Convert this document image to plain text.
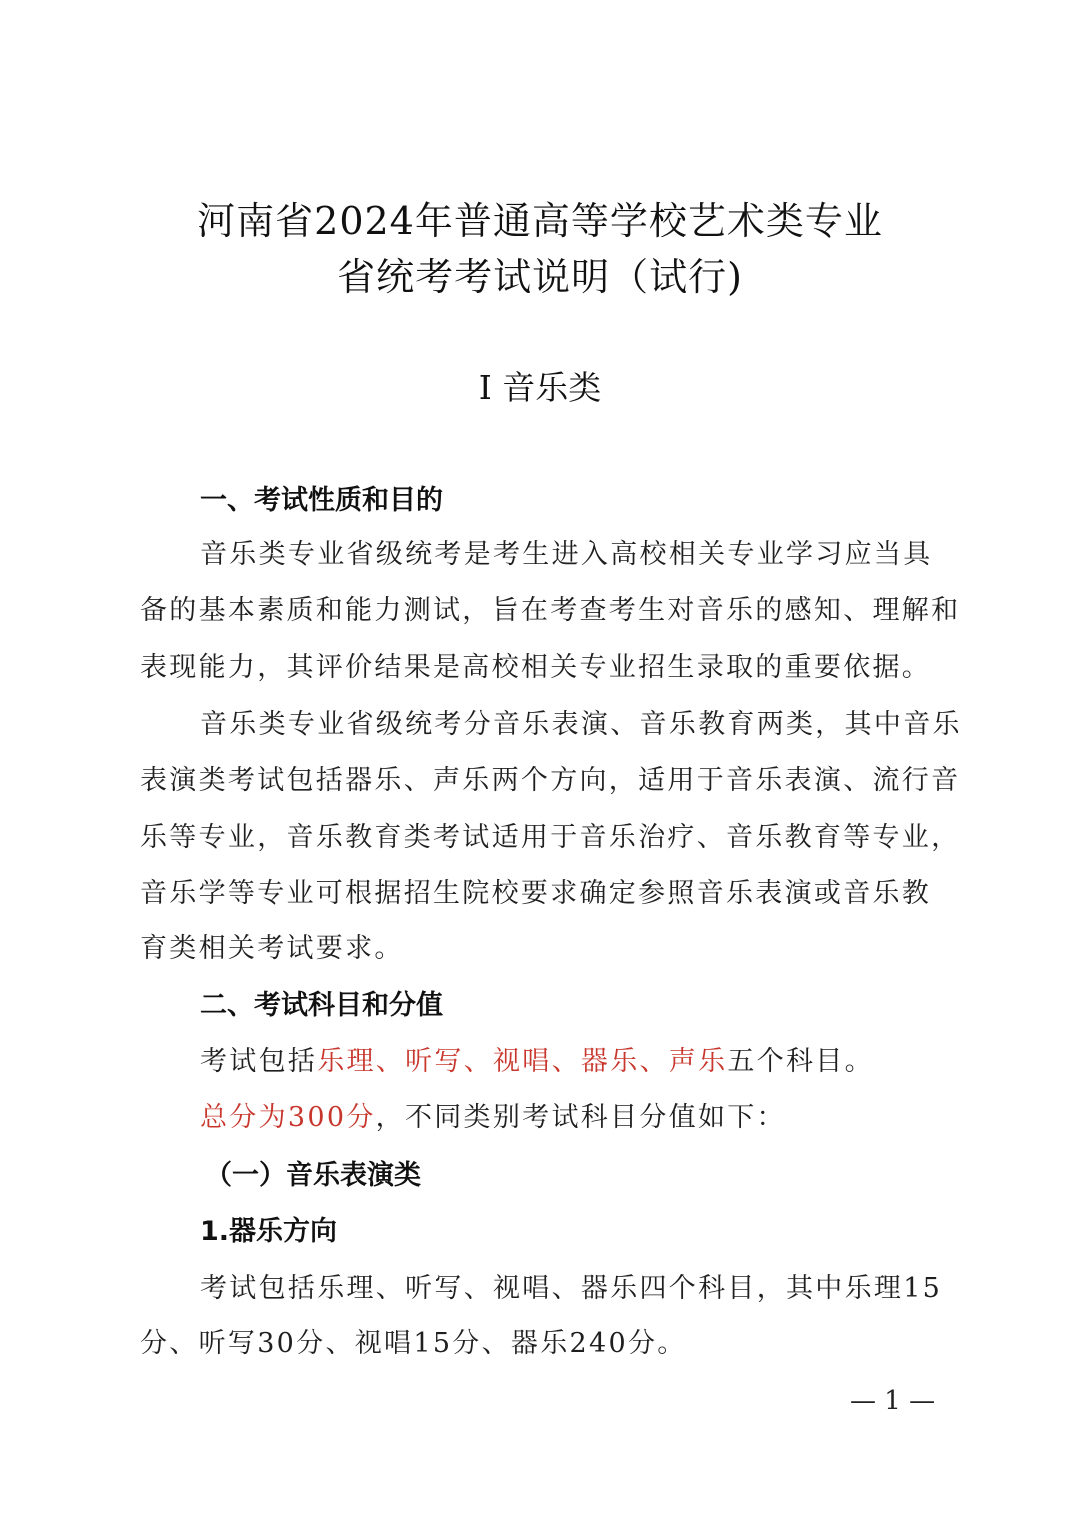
河南省2024年普通高等学校艺术类专业
省统考考试说明（试行)
I 音乐类
一、考试性质和目的
音乐类专业省级统考是考生进入高校相关专业学习应当具
备的基本素质和能力测试，旨在考查考生对音乐的感知、理解和
表现能力，其评价结果是高校相关专业招生录取的重要依据。
音乐类专业省级统考分音乐表演、音乐教育两类，其中音乐
表演类考试包括器乐、声乐两个方向，适用于音乐表演、流行音
乐等专业，音乐教育类考试适用于音乐治疗、音乐教育等专业，
音乐学等专业可根据招生院校要求确定参照音乐表演或音乐教
育类相关考试要求。
二、考试科目和分值
考试包括乐理、听写、视唱、器乐、声乐五个科目。
总分为300分，不同类别考试科目分值如下：
（一）音乐表演类
1.器乐方向
考试包括乐理、听写、视唱、器乐四个科目，其中乐理15
分、听写30分、视唱15分、器乐240分。
— 1 —
